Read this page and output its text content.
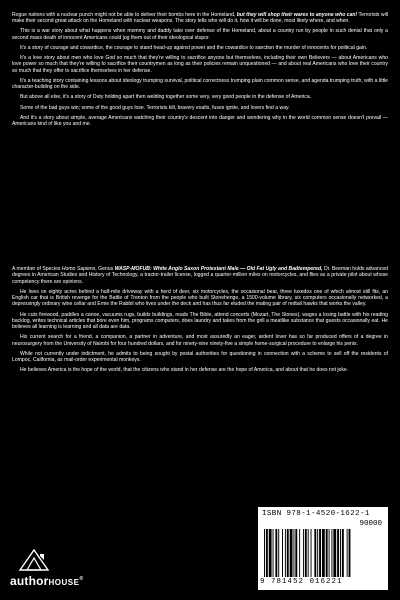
Rogue nations with a nuclear punch might not be able to deliver their bombs here in the Homeland, but they will shop their wares to anyone who can! Terrorists will make their second great attack on the Homeland with nuclear weapons. The story tells who will do it, how it will be done, most likely where, and when.

This is a war story about what happens when mommy and daddy take over defense of the Homeland, about a country run by people in such denial that only a second mass death of innocent Americans could jog them out of their ideological stupor.

It's a story of courage and cowardice, the courage to stand head-up against power and the cowardice to sanction the murder of innocents for political gain.

It's a love story about men who love God so much that they're willing to sacrifice anyone but themselves, including their own Believers — about Americans who love power so much that they're willing to sacrifice their countrymen as long as their policies remain unquestioned — and about real Americans who love their country so much that they offer to sacrifice themselves in her defense.

It's a teaching story containing lessons about ideology trumping survival, political correctness trumping plain common sense, and agenda trumping truth, with a little character-building on the side.

But above all else, it's a story of Duty holding apart then welding together some very, very good people in the defense of America.

Some of the bad guys win; some of the good guys lose. Terrorists kill, bravery exalts, fuses ignite, and lovers find a way.

And it's a story about simple, average Americans watching their country's descent into danger and wondering why in the world common sense doesn't prevail — Americans kind of like you and me.

A member of Species Homo Sapiens, Genus WASP-MOFUB: White Anglo Saxon Protestant Male — Old Fat Ugly and Badtempered, Dr. Beeman holds advanced degrees in American Studies and History of Technology, a tractor-trailer license, logged a quarter-million miles on motorcycles, and flies as a private pilot about whose competency there are opinions.

He lives on eighty acres behind a half-mile driveway with a herd of deer, six motorcycles, the occasional bear, three tuxedos one of which almost still fits, an English car that is British revenge for the Battle of Trenton from the people who built Stonehenge, a 1500-volume library, six computers occasionally networked, a depressingly ordinary wine cellar and Ernie the Rabbit who lives under the deck and has thus far eluded the mating pair of redtail hawks that works the valley.

He cuts firewood, paddles a canoe, vacuums rugs, builds buildings, reads The Bible, attend concerts (Mozart, The Stones), wages a losing battle with his reading backlog, writes technical articles that bore even him, programs computers, does laundry and takes from the grill a meatlike substance that guests occasionally eat. He believes all learning is learning and all data are data.

His current search for a friend, a companion, a partner in adventure, and most assuredly an eager, ardent lover has so far produced offers of a degree in neurosurgery from the University of Nairobi for four hundred dollars, and for ninety-nine ninety-five a simple home-surgical procedure to enlarge his penis.

While not currently under indictment, he admits to being sought by postal authorities for questioning in connection with a scheme to sell off the residents of Lompoc, California, as mail-order experimental monkeys.

He believes America is the hope of the world, that the citizens who stand in her defense are the hope of America, and about that he does not joke.

authorHOUSE®
ISBN 978-1-4520-1622-1
90000
9 781452 016221
